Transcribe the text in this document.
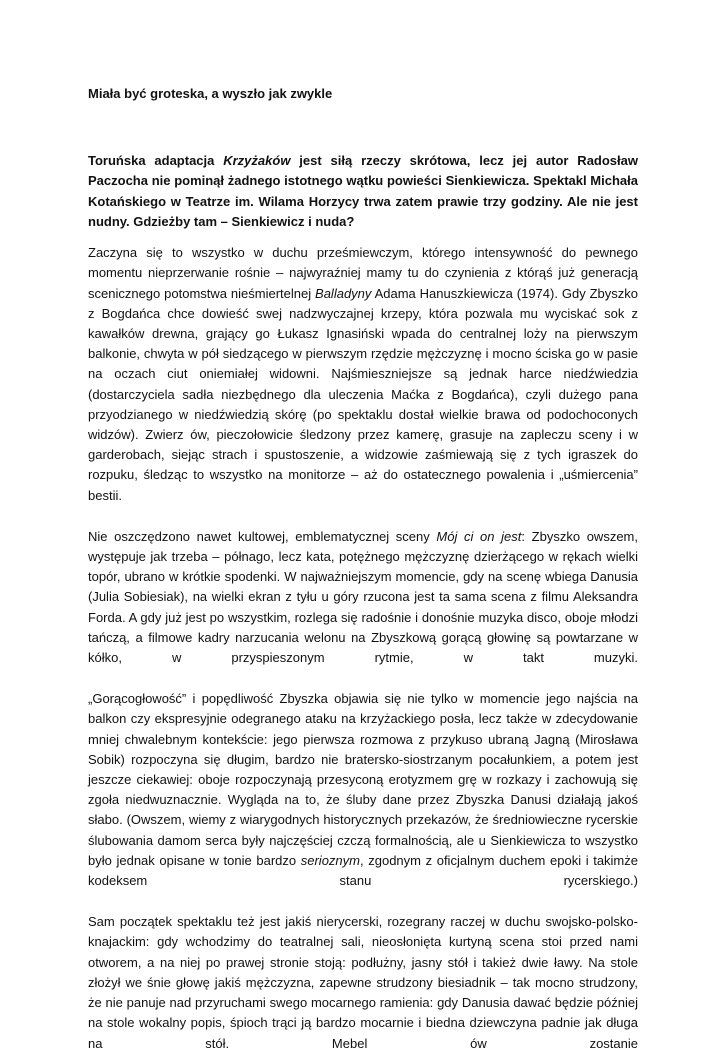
Miała być groteska, a wyszło jak zwykle

Toruńska adaptacja Krzyżaków jest siłą rzeczy skrótowa, lecz jej autor Radosław Paczocha nie pominął żadnego istotnego wątku powieści Sienkiewicza. Spektakl Michała Kotańskiego w Teatrze im. Wilama Horzycy trwa zatem prawie trzy godziny. Ale nie jest nudny. Gdzieżby tam – Sienkiewicz i nuda?

Zaczyna się to wszystko w duchu prześmiewczym, którego intensywność do pewnego momentu nieprzerwanie rośnie – najwyraźniej mamy tu do czynienia z którąś już generacją scenicznego potomstwa nieśmiertelnej Balladyny Adama Hanuszkiewicza (1974). Gdy Zbyszko z Bogdańca chce dowieść swej nadzwyczajnej krzepy, która pozwala mu wyciskać sok z kawałków drewna, grający go Łukasz Ignasiński wpada do centralnej loży na pierwszym balkonie, chwyta w pół siedzącego w pierwszym rzędzie mężczyznę i mocno ściska go w pasie na oczach ciut oniemiałej widowni. Najśmieszniejsze są jednak harce niedźwiedzia (dostarczyciela sadła niezbędnego dla uleczenia Maćka z Bogdańca), czyli dużego pana przyodzianego w niedźwiedzią skórę (po spektaklu dostał wielkie brawa od podochoconych widzów). Zwierz ów, pieczołowicie śledzony przez kamerę, grasuje na zapleczu sceny i w garderobach, siejąc strach i spustoszenie, a widzowie zaśmiewają się z tych igraszek do rozpuku, śledząc to wszystko na monitorze – aż do ostatecznego powalenia i „uśmiercenia” bestii.

Nie oszczędzono nawet kultowej, emblematycznej sceny Mój ci on jest: Zbyszko owszem, występuje jak trzeba – półnago, lecz kata, potężnego mężczyznę dzierżącego w rękach wielki topór, ubrano w krótkie spodenki. W najważniejszym momencie, gdy na scenę wbiega Danusia (Julia Sobiesiak), na wielki ekran z tyłu u góry rzucona jest ta sama scena z filmu Aleksandra Forda. A gdy już jest po wszystkim, rozlega się radośnie i donośnie muzyka disco, oboje młodzi tańczą, a filmowe kadry narzucania welonu na Zbyszkową gorącą głowinę są powtarzane w kółko, w przyspieszonym rytmie, w takt muzyki.

„Gorącogłowość” i popędliwość Zbyszka objawia się nie tylko w momencie jego najścia na balkon czy ekspresyjnie odegranego ataku na krzyżackiego posła, lecz także w zdecydowanie mniej chwalebnym kontekście: jego pierwsza rozmowa z przykuso ubraną Jagną (Mirosława Sobik) rozpoczyna się długim, bardzo nie bratersko-siostrzanym pocałunkiem, a potem jest jeszcze ciekawiej: oboje rozpoczynają przesyconą erotyzmem grę w rozkazy i zachowują się zgoła niedwuznacznie. Wygląda na to, że śluby dane przez Zbyszka Danusi działają jakoś słabo. (Owszem, wiemy z wiarygodnych historycznych przekazów, że średniowieczne rycerskie ślubowania damom serca były najczęściej czczą formalnością, ale u Sienkiewicza to wszystko było jednak opisane w tonie bardzo serioznym, zgodnym z oficjalnym duchem epoki i takimże kodeksem stanu rycerskiego.)

Sam początek spektaklu też jest jakiś nierycerski, rozegrany raczej w duchu swojsko-polsko-knajackim: gdy wchodzimy do teatralnej sali, nieosłonięta kurtyną scena stoi przed nami otworem, a na niej po prawej stronie stoją: podłużny, jasny stół i takież dwie ławy. Na stole złożył we śnie głowę jakiś mężczyzna, zapewne strudzony biesiadnik – tak mocno strudzony, że nie panuje nad przyruchami swego mocarnego ramienia: gdy Danusia dawać będzie później na stole wokalny popis, śpioch trąci ją bardzo mocarnie i biedna dziewczyna padnie jak długa na stół. Mebel ów zostanie
